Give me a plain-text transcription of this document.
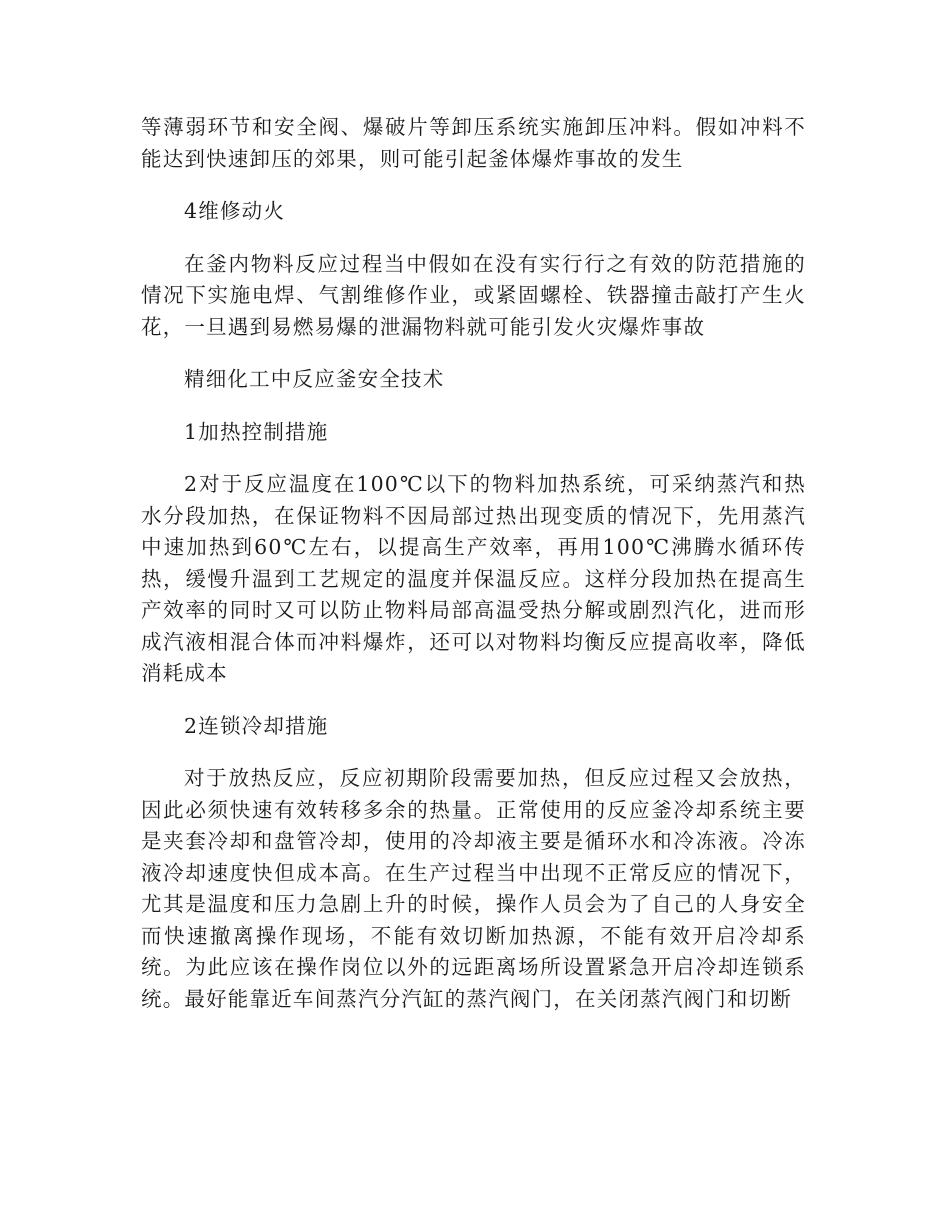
等薄弱环节和安全阀、爆破片等卸压系统实施卸压冲料。假如冲料不能达到快速卸压的郊果，则可能引起釜体爆炸事故的发生

4维修动火

在釜内物料反应过程当中假如在没有实行行之有效的防范措施的情况下实施电焊、气割维修作业，或紧固螺栓、铁器撞击敲打产生火花，一旦遇到易燃易爆的泄漏物料就可能引发火灾爆炸事故

精细化工中反应釜安全技术

1加热控制措施

2对于反应温度在100℃以下的物料加热系统，可采纳蒸汽和热水分段加热，在保证物料不因局部过热出现变质的情况下，先用蒸汽中速加热到60℃左右，以提高生产效率，再用100℃沸腾水循环传热，缓慢升温到工艺规定的温度并保温反应。这样分段加热在提高生产效率的同时又可以防止物料局部高温受热分解或剧烈汽化，进而形成汽液相混合体而冲料爆炸，还可以对物料均衡反应提高收率，降低消耗成本

2连锁冷却措施

对于放热反应，反应初期阶段需要加热，但反应过程又会放热，因此必须快速有效转移多余的热量。正常使用的反应釜冷却系统主要是夹套冷却和盘管冷却，使用的冷却液主要是循环水和冷冻液。冷冻液冷却速度快但成本高。在生产过程当中出现不正常反应的情况下，尤其是温度和压力急剧上升的时候，操作人员会为了自己的人身安全而快速撤离操作现场，不能有效切断加热源，不能有效开启冷却系统。为此应该在操作岗位以外的远距离场所设置紧急开启冷却连锁系统。最好能靠近车间蒸汽分汽缸的蒸汽阀门，在关闭蒸汽阀门和切断
